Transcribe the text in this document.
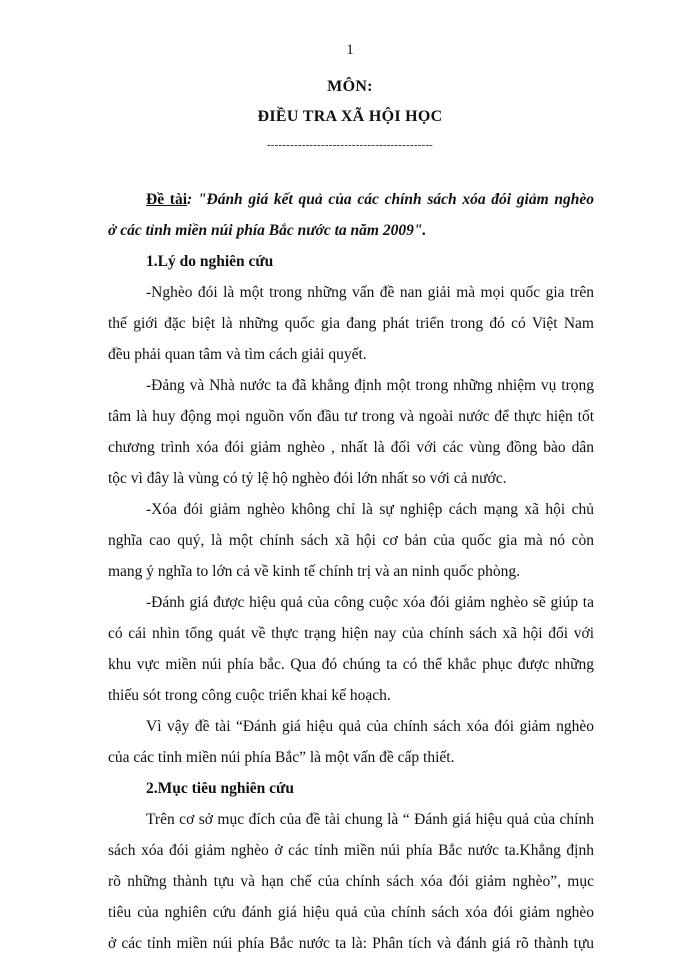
1
MÔN:
ĐIỀU TRA XÃ HỘI HỌC
-------------------------------------------
Đề tài: "Đánh giá kết quả của các chính sách xóa đói giảm nghèo
ở các tỉnh miền núi phía Bắc nước ta năm 2009".
1.Lý do nghiên cứu
-Nghèo đói là một trong những vấn đề nan giải mà mọi quốc gia trên
thế giới đặc biệt là những quốc gia đang phát triển trong đó có Việt Nam
đều phải quan tâm và tìm cách giải quyết.
-Đảng và Nhà nước ta đã khẳng định một trong những nhiệm vụ trọng
tâm là huy động mọi nguồn vốn đầu tư trong và ngoài nước để thực hiện tốt
chương trình xóa đói giảm nghèo , nhất là đối với các vùng đồng bào dân
tộc vì đây là vùng có tỷ lệ hộ nghèo đói lớn nhất so với cả nước.
-Xóa đói giảm nghèo không chỉ là sự nghiệp cách mạng xã hội chủ
nghĩa cao quý, là một chính sách xã hội cơ bản của quốc gia mà nó còn
mang ý nghĩa to lớn cả về kinh tế chính trị và an ninh quốc phòng.
-Đánh giá được hiệu quả của công cuộc xóa đói giảm nghèo sẽ giúp ta
có cái nhìn tổng quát về thực trạng hiện nay của chính sách xã hội đối với
khu vực miền núi phía bắc. Qua đó chúng ta có thể khắc phục được những
thiếu sót trong công cuộc triển khai kế hoạch.
Vì vậy đề tài “Đánh giá hiệu quả của chính sách xóa đói giảm nghèo
của các tỉnh miền núi phía Bắc” là một vấn đề cấp thiết.
2.Mục tiêu nghiên cứu
Trên cơ sở mục đích của đề tài chung là “ Đánh giá hiệu quả của chính
sách xóa đói giảm nghèo ở các tỉnh miền núi phía Bắc nước ta.Khẳng định
rõ những thành tựu và hạn chế của chính sách xóa đói giảm nghèo”, mục
tiêu của nghiên cứu đánh giá hiệu quả của chính sách xóa đói giảm nghèo
ở các tỉnh miền núi phía Bắc nước ta là: Phân tích và đánh giá rõ thành tựu
